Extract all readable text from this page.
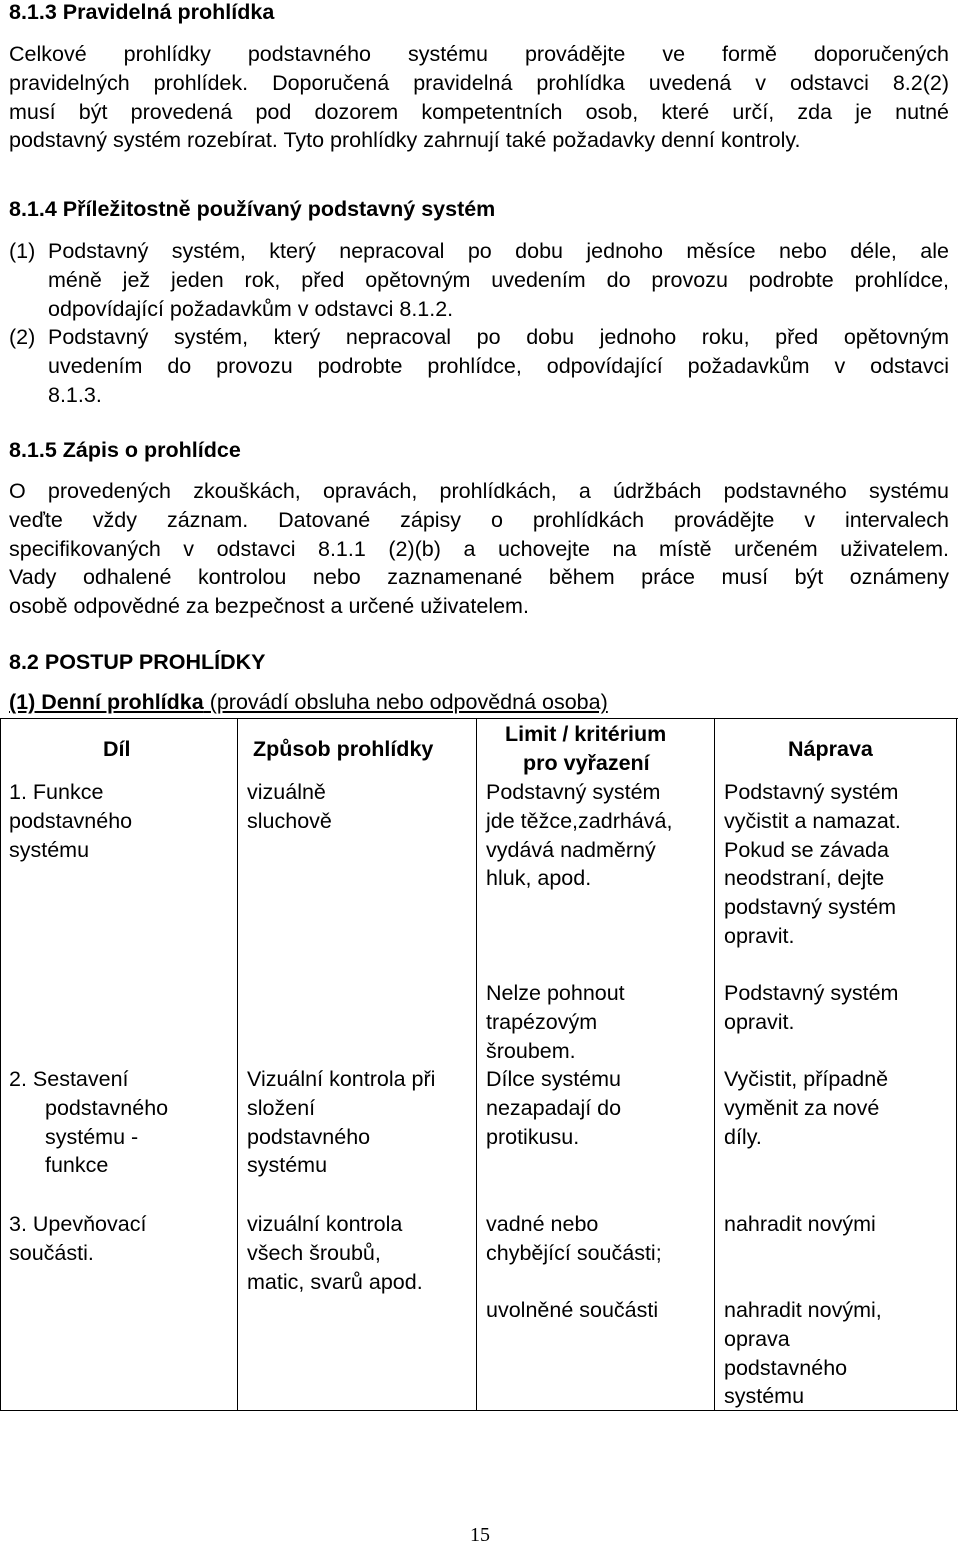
8.1.3 Pravidelná prohlídka
Celkové prohlídky podstavného systému provádějte ve formě doporučených
pravidelných prohlídek. Doporučená pravidelná prohlídka uvedená v odstavci 8.2(2)
musí být provedená pod dozorem kompetentních osob, které určí, zda je nutné
podstavný systém rozebírat. Tyto prohlídky zahrnují také požadavky denní kontroly.
8.1.4 Příležitostně používaný podstavný systém
(1) Podstavný systém, který nepracoval po dobu jednoho měsíce nebo déle, ale
méně jež jeden rok, před opětovným uvedením do provozu podrobte prohlídce,
odpovídající požadavkům v odstavci 8.1.2.
(2) Podstavný systém, který nepracoval po dobu jednoho roku, před opětovným
uvedením do provozu podrobte prohlídce, odpovídající požadavkům v odstavci
8.1.3.
8.1.5 Zápis o prohlídce
O provedených zkouškách, opravách, prohlídkách, a údržbách podstavného systému
veďte vždy záznam. Datované zápisy o prohlídkách provádějte v intervalech
specifikovaných v odstavci 8.1.1 (2)(b) a uchovejte na místě určeném uživatelem.
Vady odhalené kontrolou nebo zaznamenané během práce musí být oznámeny
osobě odpovědné za bezpečnost a určené uživatelem.
8.2 POSTUP PROHLÍDKY
(1) Denní prohlídka (provádí obsluha nebo odpovědná osoba)
Díl	Způsob prohlídky
Limit / kritérium
pro vyřazení
Náprava
1. Funkce
podstavného
systému
vizuálně
sluchově
Podstavný systém
jde těžce,zadrhává,
vydává nadměrný
hluk, apod.
Podstavný systém
vyčistit a namazat.
Pokud se závada
neodstraní, dejte
podstavný systém
opravit.
Nelze pohnout
trapézovým
šroubem.
Podstavný systém
opravit.
2. Sestavení
podstavného
systému -
funkce
Vizuální kontrola při
složení
podstavného
systému
Dílce systému
nezapadají do
protikusu.
Vyčistit, případně
vyměnit za nové
díly.
3. Upevňovací
součásti.
vizuální kontrola
všech šroubů,
matic, svarů apod.
vadné nebo
chybějící součásti;
uvolněné součásti
nahradit novými
nahradit novými,
oprava
podstavného
systému
15
